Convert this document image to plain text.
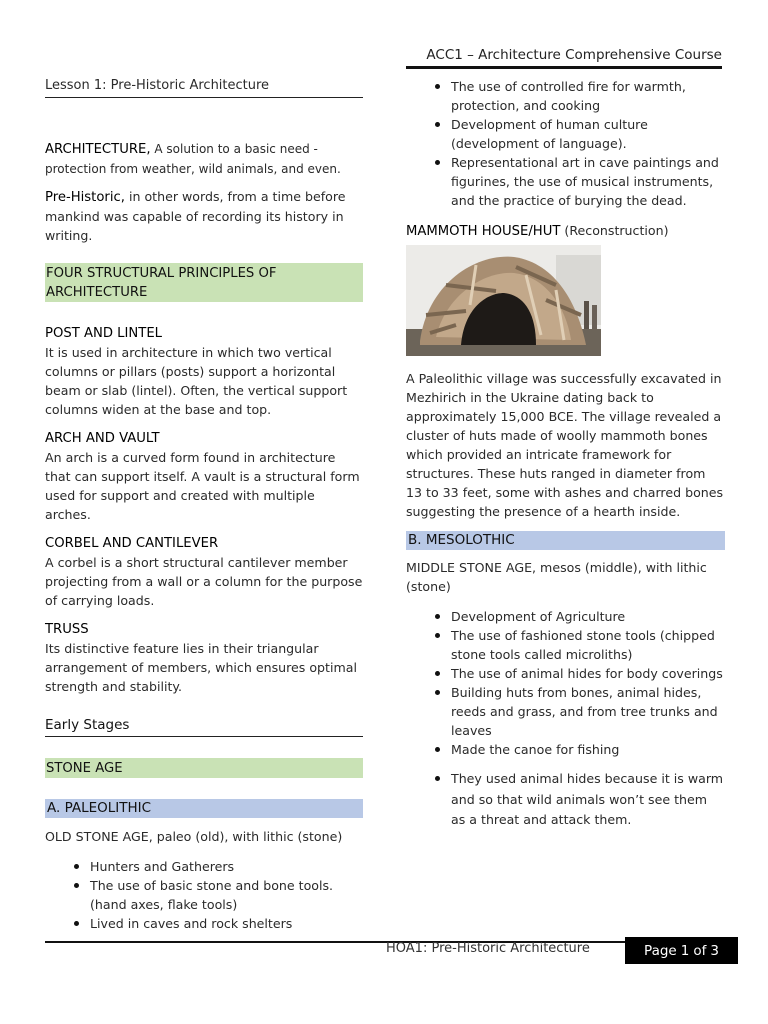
ACC1 – Architecture Comprehensive Course

Lesson 1: Pre-Historic Architecture

ARCHITECTURE, A solution to a basic need - protection from weather, wild animals, and even.

Pre-Historic, in other words, from a time before mankind was capable of recording its history in writing.

FOUR STRUCTURAL PRINCIPLES OF ARCHITECTURE
POST AND LINTEL

It is used in architecture in which two vertical columns or pillars (posts) support a horizontal beam or slab (lintel). Often, the vertical support columns widen at the base and top.

ARCH AND VAULT

An arch is a curved form found in architecture that can support itself. A vault is a structural form used for support and created with multiple arches.

CORBEL AND CANTILEVER

A corbel is a short structural cantilever member projecting from a wall or a column for the purpose of carrying loads.

TRUSS

Its distinctive feature lies in their triangular arrangement of members, which ensures optimal strength and stability.

Early Stages
STONE AGE
A. PALEOLITHIC

OLD STONE AGE, paleo (old), with lithic (stone)

Hunters and Gatherers
The use of basic stone and bone tools. (hand axes, flake tools)
Lived in caves and rock shelters
The use of controlled fire for warmth, protection, and cooking
Development of human culture (development of language).
Representational art in cave paintings and figurines, the use of musical instruments, and the practice of burying the dead.

MAMMOTH HOUSE/HUT (Reconstruction)

A Paleolithic village was successfully excavated in Mezhirich in the Ukraine dating back to approximately 15,000 BCE. The village revealed a cluster of huts made of woolly mammoth bones which provided an intricate framework for structures. These huts ranged in diameter from 13 to 33 feet, some with ashes and charred bones suggesting the presence of a hearth inside.

B. MESOLOTHIC

MIDDLE STONE AGE, mesos (middle), with lithic (stone)

Development of Agriculture
The use of fashioned stone tools (chipped stone tools called microliths)
The use of animal hides for body coverings
Building huts from bones, animal hides, reeds and grass, and from tree trunks and leaves
Made the canoe for fishing
They used animal hides because it is warm and so that wild animals won’t see them as a threat and attack them.
HOA1: Pre-Historic Architecture	Page 1 of 3
